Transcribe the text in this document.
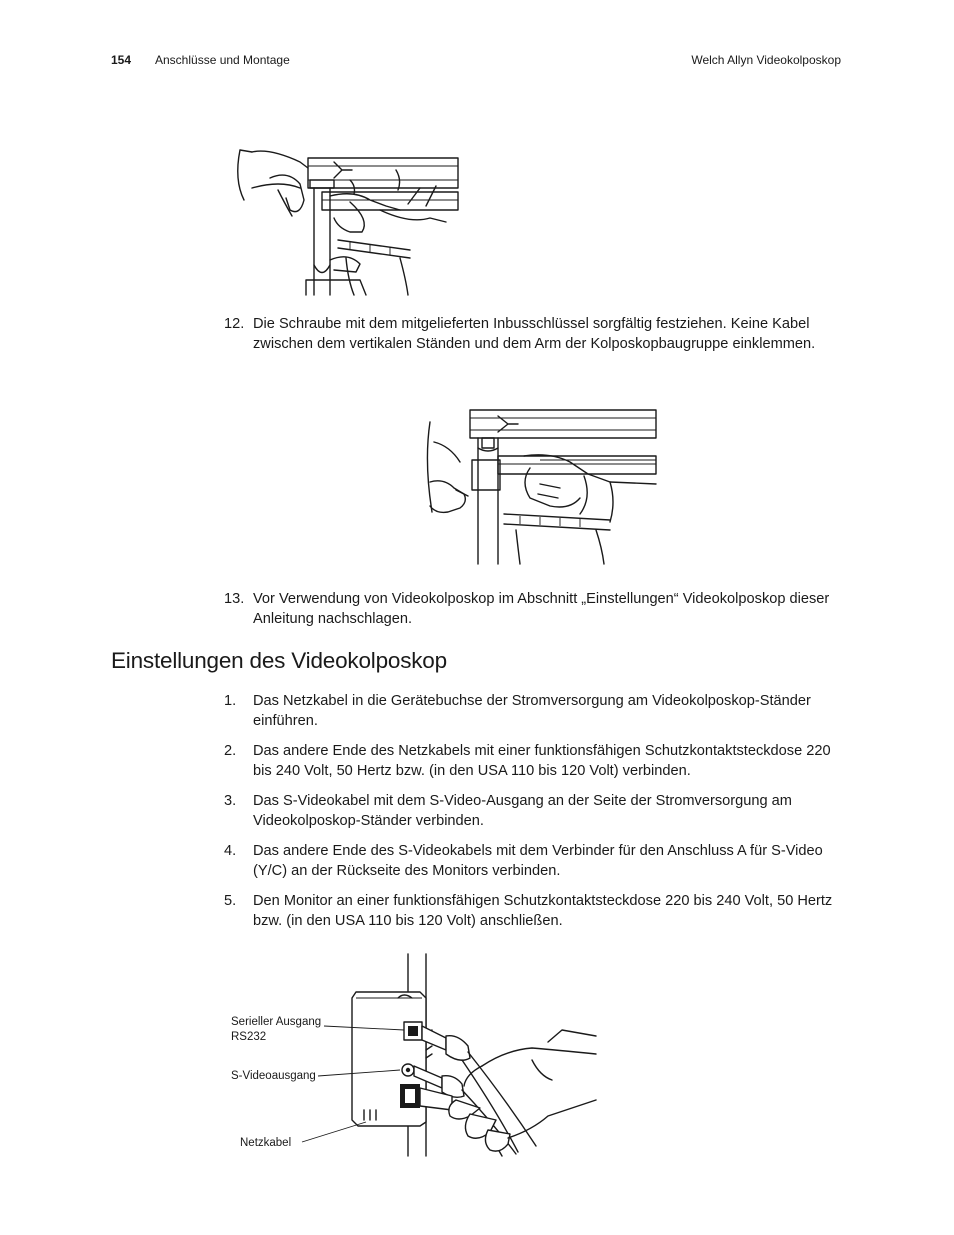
154 Anschlüsse und Montage	Welch Allyn Videokolposkop
12. Die Schraube mit dem mitgelieferten Inbusschlüssel sorgfältig festziehen. Keine Kabel zwischen dem vertikalen Ständen und dem Arm der Kolposkopbaugruppe einklemmen.
13. Vor Verwendung von Videokolposkop im Abschnitt „Einstellungen“ Videokolposkop dieser Anleitung nachschlagen.
Einstellungen des Videokolposkop
1. Das Netzkabel in die Gerätebuchse der Stromversorgung am Videokolposkop-Ständer einführen.
2. Das andere Ende des Netzkabels mit einer funktionsfähigen Schutzkontaktsteckdose 220 bis 240 Volt, 50 Hertz bzw. (in den USA 110 bis 120 Volt) verbinden.
3. Das S-Videokabel mit dem S-Video-Ausgang an der Seite der Stromversorgung am Videokolposkop-Ständer verbinden.
4. Das andere Ende des S-Videokabels mit dem Verbinder für den Anschluss A für S-Video (Y/C) an der Rückseite des Monitors verbinden.
5. Den Monitor an einer funktionsfähigen Schutzkontaktsteckdose 220 bis 240 Volt, 50 Hertz bzw. (in den USA 110 bis 120 Volt) anschließen.
Serieller Ausgang
RS232
S-Videoausgang
Netzkabel
